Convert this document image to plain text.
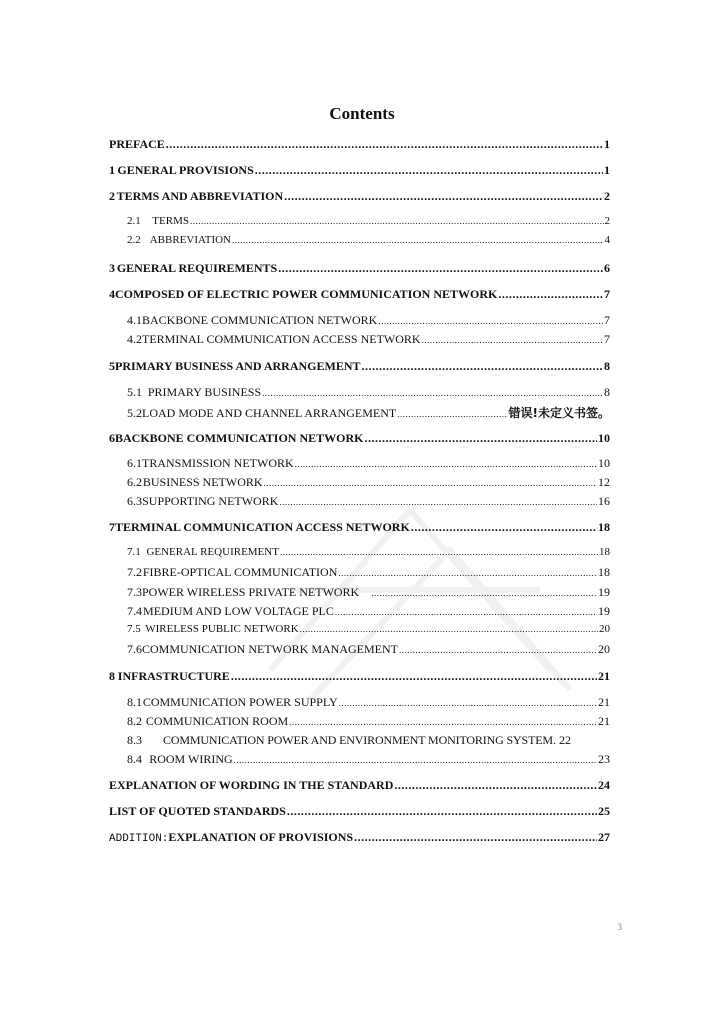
Contents
PREFACE .....	1
1 GENERAL PROVISIONS .....	1
2 TERMS AND ABBREVIATION .....	2
2.1	TERMS .....	2
2.2 ABBREVIATION .....	4
3 GENERAL REQUIREMENTS .....	6
4 COMPOSED OF ELECTRIC POWER COMMUNICATION NETWORK .....	7
4.1 BACKBONE COMMUNICATION NETWORK .....	7
4.2 TERMINAL COMMUNICATION ACCESS NETWORK .....	7
5 PRIMARY BUSINESS AND ARRANGEMENT .....	8
5.1 PRIMARY BUSINESS .....	8
5.2 LOAD MODE AND CHANNEL ARRANGEMENT .....	错误!未定义书签。
6 BACKBONE COMMUNICATION NETWORK .....	10
6.1 TRANSMISSION NETWORK .....	10
6.2 BUSINESS NETWORK .....	12
6.3 SUPPORTING NETWORK .....	16
7 TERMINAL COMMUNICATION ACCESS NETWORK .....	18
7.1 GENERAL REQUIREMENT .....	18
7.2 FIBRE-OPTICAL COMMUNICATION .....	18
7.3 POWER WIRELESS PRIVATE NETWORK .....	19
7.4 MEDIUM AND LOW VOLTAGE PLC .....	19
7.5 WIRELESS PUBLIC NETWORK .....	20
7.6 COMMUNICATION NETWORK MANAGEMENT .....	20
8 INFRASTRUCTURE .....	21
8.1 COMMUNICATION POWER SUPPLY .....	21
8.2 COMMUNICATION ROOM .....	21
8.3	COMMUNICATION POWER AND ENVIRONMENT MONITORING SYSTEM . 22
8.4 ROOM WIRING .....	23
EXPLANATION OF WORDING IN THE STANDARD .....	24
LIST OF QUOTED STANDARDS .....	25
ADDITION: EXPLANATION OF PROVISIONS .....	27
3
